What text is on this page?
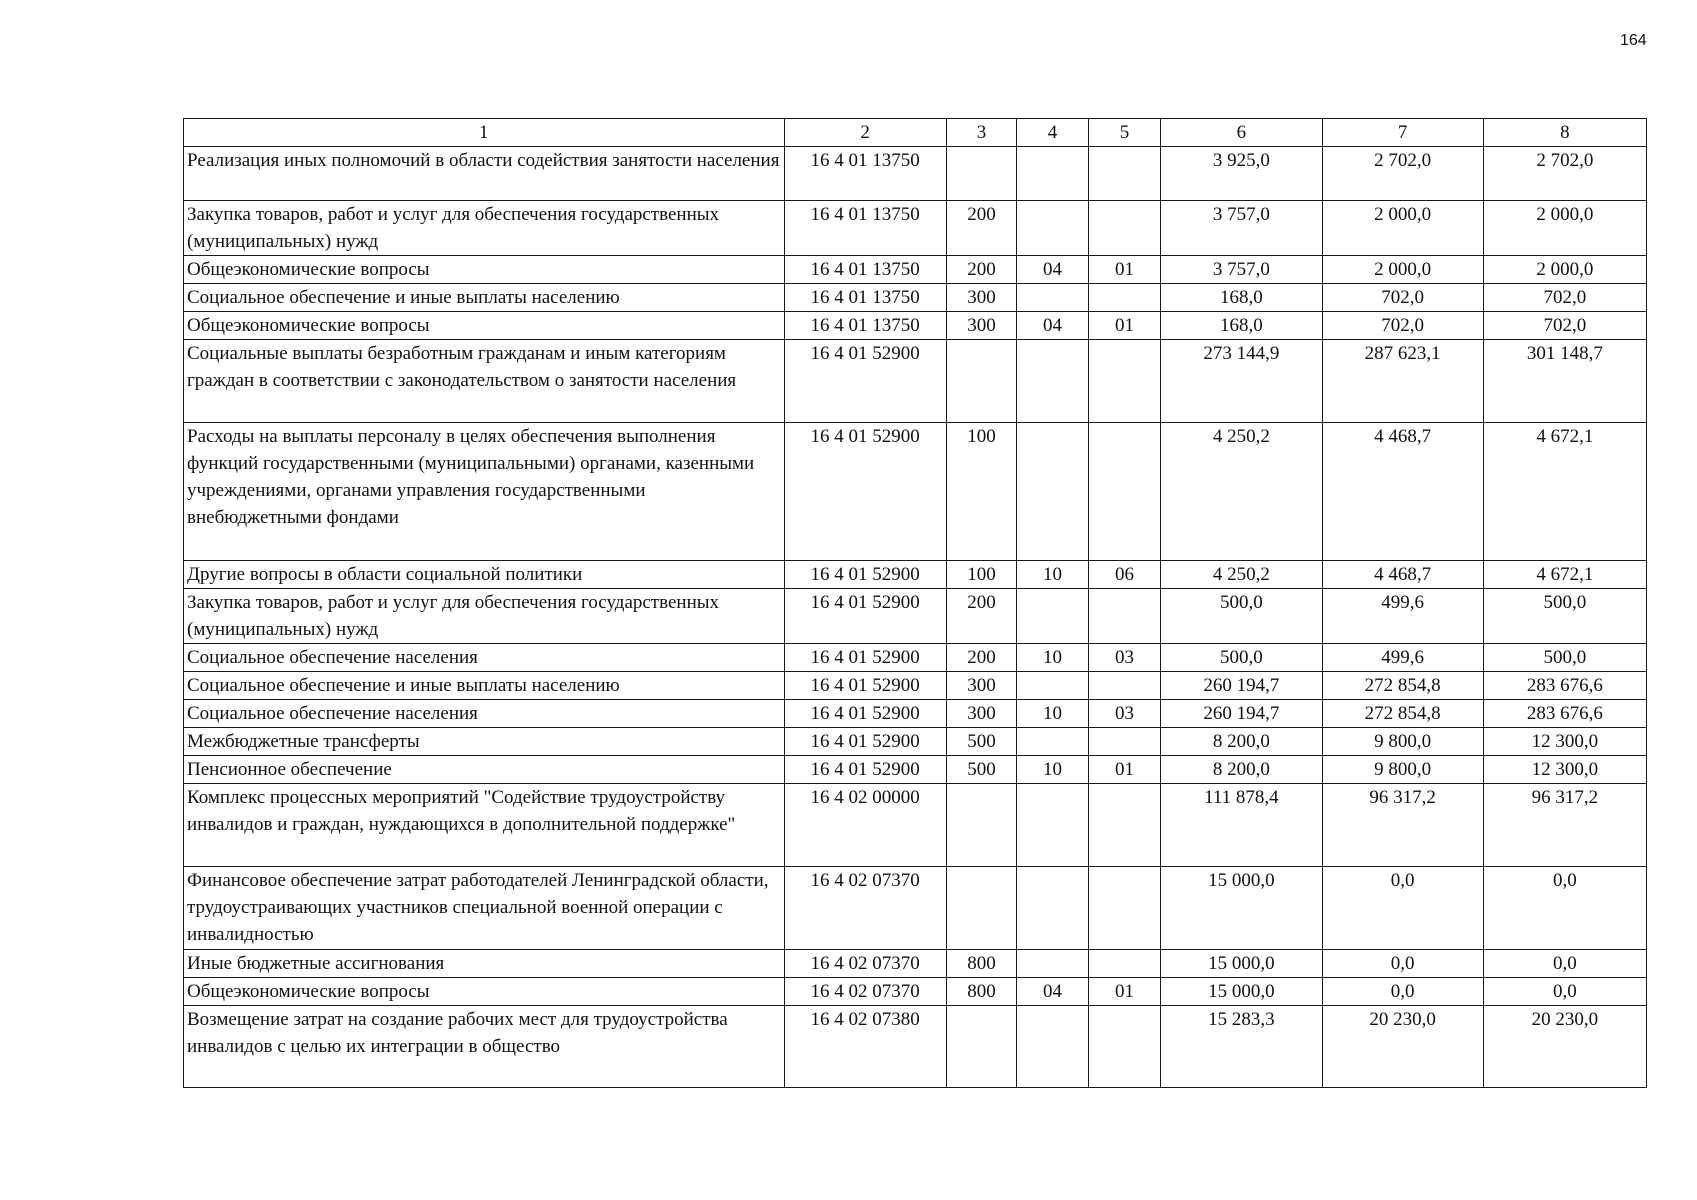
164
1	2	3	4	5	6	7	8
Реализация иных полномочий в области содействия занятости населения	16 4 01 13750				3 925,0	2 702,0	2 702,0
Закупка товаров, работ и услуг для обеспечения государственных (муниципальных) нужд	16 4 01 13750	200			3 757,0	2 000,0	2 000,0
Общеэкономические вопросы	16 4 01 13750	200	04	01	3 757,0	2 000,0	2 000,0
Социальное обеспечение и иные выплаты населению	16 4 01 13750	300			168,0	702,0	702,0
Общеэкономические вопросы	16 4 01 13750	300	04	01	168,0	702,0	702,0
Социальные выплаты безработным гражданам и иным категориям граждан в соответствии с законодательством о занятости населения	16 4 01 52900				273 144,9	287 623,1	301 148,7
Расходы на выплаты персоналу в целях обеспечения выполнения функций государственными (муниципальными) органами, казенными учреждениями, органами управления государственными внебюджетными фондами	16 4 01 52900	100			4 250,2	4 468,7	4 672,1
Другие вопросы в области социальной политики	16 4 01 52900	100	10	06	4 250,2	4 468,7	4 672,1
Закупка товаров, работ и услуг для обеспечения государственных (муниципальных) нужд	16 4 01 52900	200			500,0	499,6	500,0
Социальное обеспечение населения	16 4 01 52900	200	10	03	500,0	499,6	500,0
Социальное обеспечение и иные выплаты населению	16 4 01 52900	300			260 194,7	272 854,8	283 676,6
Социальное обеспечение населения	16 4 01 52900	300	10	03	260 194,7	272 854,8	283 676,6
Межбюджетные трансферты	16 4 01 52900	500			8 200,0	9 800,0	12 300,0
Пенсионное обеспечение	16 4 01 52900	500	10	01	8 200,0	9 800,0	12 300,0
Комплекс процессных мероприятий "Содействие трудоустройству инвалидов и граждан, нуждающихся в дополнительной поддержке"	16 4 02 00000				111 878,4	96 317,2	96 317,2
Финансовое обеспечение затрат работодателей Ленинградской области, трудоустраивающих участников специальной военной операции с инвалидностью	16 4 02 07370				15 000,0	0,0	0,0
Иные бюджетные ассигнования	16 4 02 07370	800			15 000,0	0,0	0,0
Общеэкономические вопросы	16 4 02 07370	800	04	01	15 000,0	0,0	0,0
Возмещение затрат на создание рабочих мест для трудоустройства инвалидов с целью их интеграции в общество	16 4 02 07380				15 283,3	20 230,0	20 230,0
